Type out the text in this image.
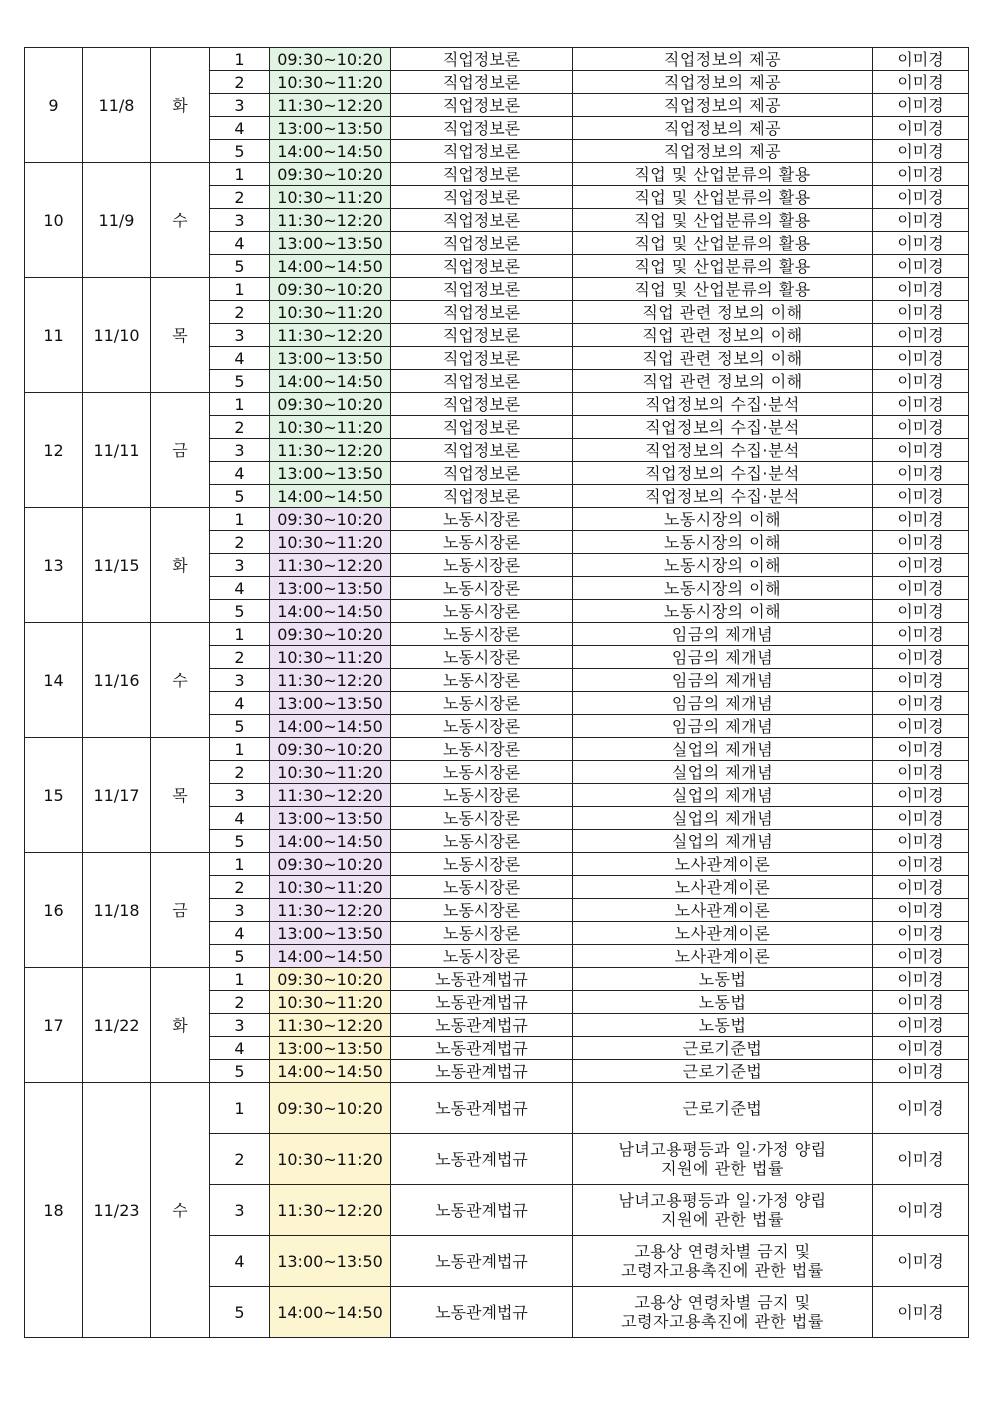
9	11/8	화	1	09:30~10:20	직업정보론	직업정보의 제공	이미경
			2	10:30~11:20	직업정보론	직업정보의 제공	이미경
			3	11:30~12:20	직업정보론	직업정보의 제공	이미경
			4	13:00~13:50	직업정보론	직업정보의 제공	이미경
			5	14:00~14:50	직업정보론	직업정보의 제공	이미경
10	11/9	수	1	09:30~10:20	직업정보론	직업 및 산업분류의 활용	이미경
			2	10:30~11:20	직업정보론	직업 및 산업분류의 활용	이미경
			3	11:30~12:20	직업정보론	직업 및 산업분류의 활용	이미경
			4	13:00~13:50	직업정보론	직업 및 산업분류의 활용	이미경
			5	14:00~14:50	직업정보론	직업 및 산업분류의 활용	이미경
11	11/10	목	1	09:30~10:20	직업정보론	직업 및 산업분류의 활용	이미경
			2	10:30~11:20	직업정보론	직업 관련 정보의 이해	이미경
			3	11:30~12:20	직업정보론	직업 관련 정보의 이해	이미경
			4	13:00~13:50	직업정보론	직업 관련 정보의 이해	이미경
			5	14:00~14:50	직업정보론	직업 관련 정보의 이해	이미경
12	11/11	금	1	09:30~10:20	직업정보론	직업정보의 수집·분석	이미경
			2	10:30~11:20	직업정보론	직업정보의 수집·분석	이미경
			3	11:30~12:20	직업정보론	직업정보의 수집·분석	이미경
			4	13:00~13:50	직업정보론	직업정보의 수집·분석	이미경
			5	14:00~14:50	직업정보론	직업정보의 수집·분석	이미경
13	11/15	화	1	09:30~10:20	노동시장론	노동시장의 이해	이미경
			2	10:30~11:20	노동시장론	노동시장의 이해	이미경
			3	11:30~12:20	노동시장론	노동시장의 이해	이미경
			4	13:00~13:50	노동시장론	노동시장의 이해	이미경
			5	14:00~14:50	노동시장론	노동시장의 이해	이미경
14	11/16	수	1	09:30~10:20	노동시장론	임금의 제개념	이미경
			2	10:30~11:20	노동시장론	임금의 제개념	이미경
			3	11:30~12:20	노동시장론	임금의 제개념	이미경
			4	13:00~13:50	노동시장론	임금의 제개념	이미경
			5	14:00~14:50	노동시장론	임금의 제개념	이미경
15	11/17	목	1	09:30~10:20	노동시장론	실업의 제개념	이미경
			2	10:30~11:20	노동시장론	실업의 제개념	이미경
			3	11:30~12:20	노동시장론	실업의 제개념	이미경
			4	13:00~13:50	노동시장론	실업의 제개념	이미경
			5	14:00~14:50	노동시장론	실업의 제개념	이미경
16	11/18	금	1	09:30~10:20	노동시장론	노사관계이론	이미경
			2	10:30~11:20	노동시장론	노사관계이론	이미경
			3	11:30~12:20	노동시장론	노사관계이론	이미경
			4	13:00~13:50	노동시장론	노사관계이론	이미경
			5	14:00~14:50	노동시장론	노사관계이론	이미경
17	11/22	화	1	09:30~10:20	노동관계법규	노동법	이미경
			2	10:30~11:20	노동관계법규	노동법	이미경
			3	11:30~12:20	노동관계법규	노동법	이미경
			4	13:00~13:50	노동관계법규	근로기준법	이미경
			5	14:00~14:50	노동관계법규	근로기준법	이미경
18	11/23	수	1	09:30~10:20	노동관계법규	근로기준법	이미경
			2	10:30~11:20	노동관계법규	남녀고용평등과 일·가정 양립
지원에 관한 법률	이미경
			3	11:30~12:20	노동관계법규	남녀고용평등과 일·가정 양립
지원에 관한 법률	이미경
			4	13:00~13:50	노동관계법규	고용상 연령차별 금지 및
고령자고용촉진에 관한 법률	이미경
			5	14:00~14:50	노동관계법규	고용상 연령차별 금지 및
고령자고용촉진에 관한 법률	이미경
